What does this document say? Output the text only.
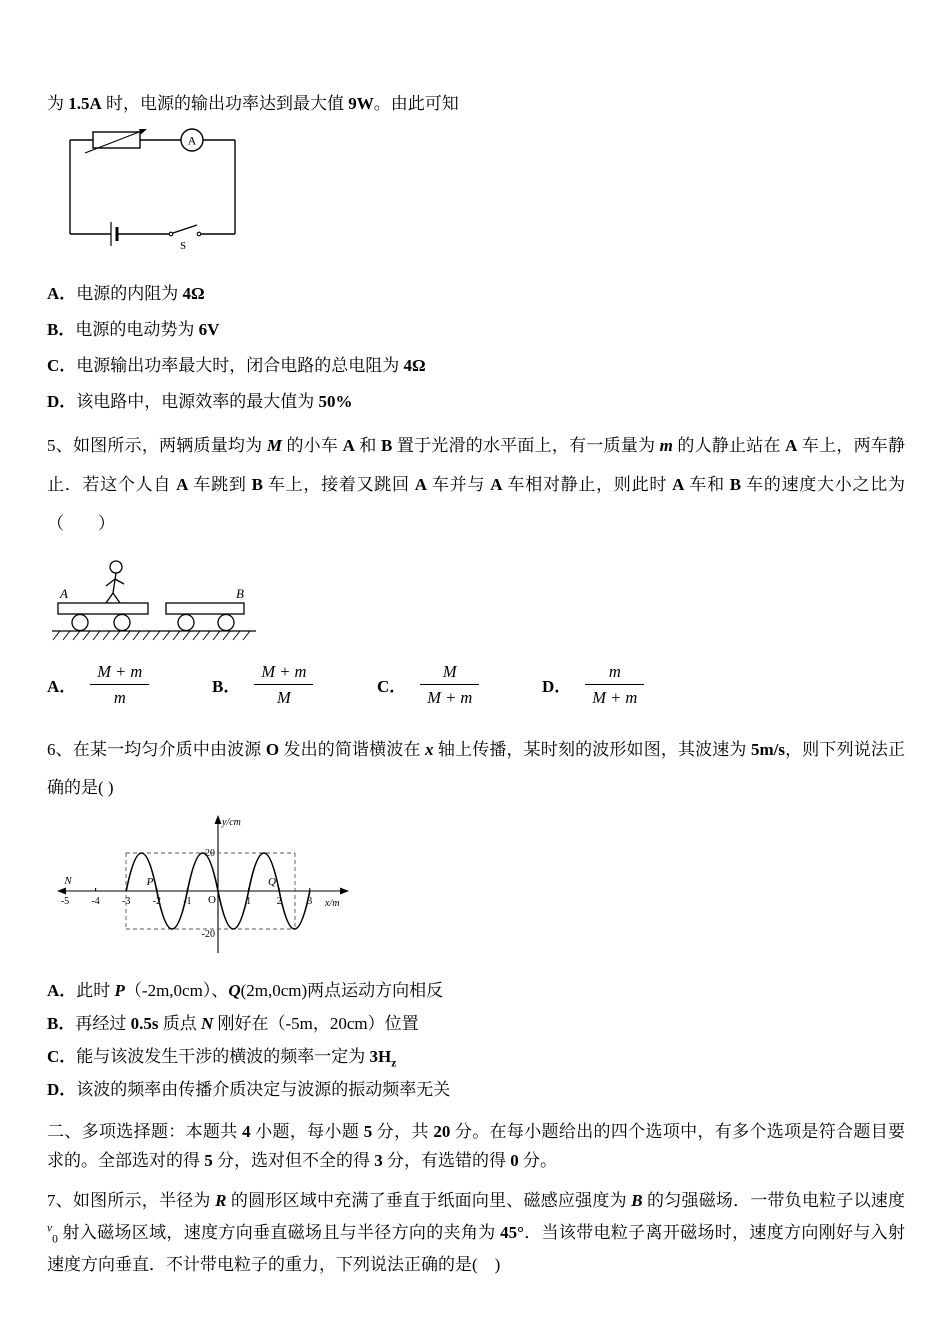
为 1.5A 时，电源的输出功率达到最大值 9W。由此可知

A
S

A．电源的内阻为 4Ω

B．电源的电动势为 6V

C．电源输出功率最大时，闭合电路的总电阻为 4Ω

D．该电路中，电源效率的最大值为 50%

5、如图所示，两辆质量均为 M 的小车 A 和 B 置于光滑的水平面上，有一质量为 m 的人静止站在 A 车上，两车静止．若这个人自 A 车跳到 B 车上，接着又跳回 A 车并与 A 车相对静止，则此时 A 车和 B 车的速度大小之比为（　　）

A	B
A． $\frac{M + m}{m}$	B． $\frac{M + m}{M}$	C． $\frac{M}{M + m}$	D． $\frac{m}{M + m}$

6、在某一均匀介质中由波源 O 发出的简谐横波在 x 轴上传播，某时刻的波形如图，其波速为 5m/s，则下列说法正确的是( )

-5 -4 -3 -2 -1	1	2	3
O
y/cm
x/m
20
-20
N	P	Q

A．此时 P（-2m,0cm）、Q(2m,0cm)两点运动方向相反

B．再经过 0.5s 质点 N 刚好在（-5m，20cm）位置

C．能与该波发生干涉的横波的频率一定为 $3H_z$

D．该波的频率由传播介质决定与波源的振动频率无关

二、多项选择题：本题共 4 小题，每小题 5 分，共 20 分。在每小题给出的四个选项中，有多个选项是符合题目要求的。全部选对的得 5 分，选对但不全的得 3 分，有选错的得 0 分。

7、如图所示，半径为 R 的圆形区域中充满了垂直于纸面向里、磁感应强度为 B 的匀强磁场．一带负电粒子以速度 $^v_0$ 射入磁场区域，速度方向垂直磁场且与半径方向的夹角为 45°．当该带电粒子离开磁场时，速度方向刚好与入射速度方向垂直．不计带电粒子的重力，下列说法正确的是(　)
